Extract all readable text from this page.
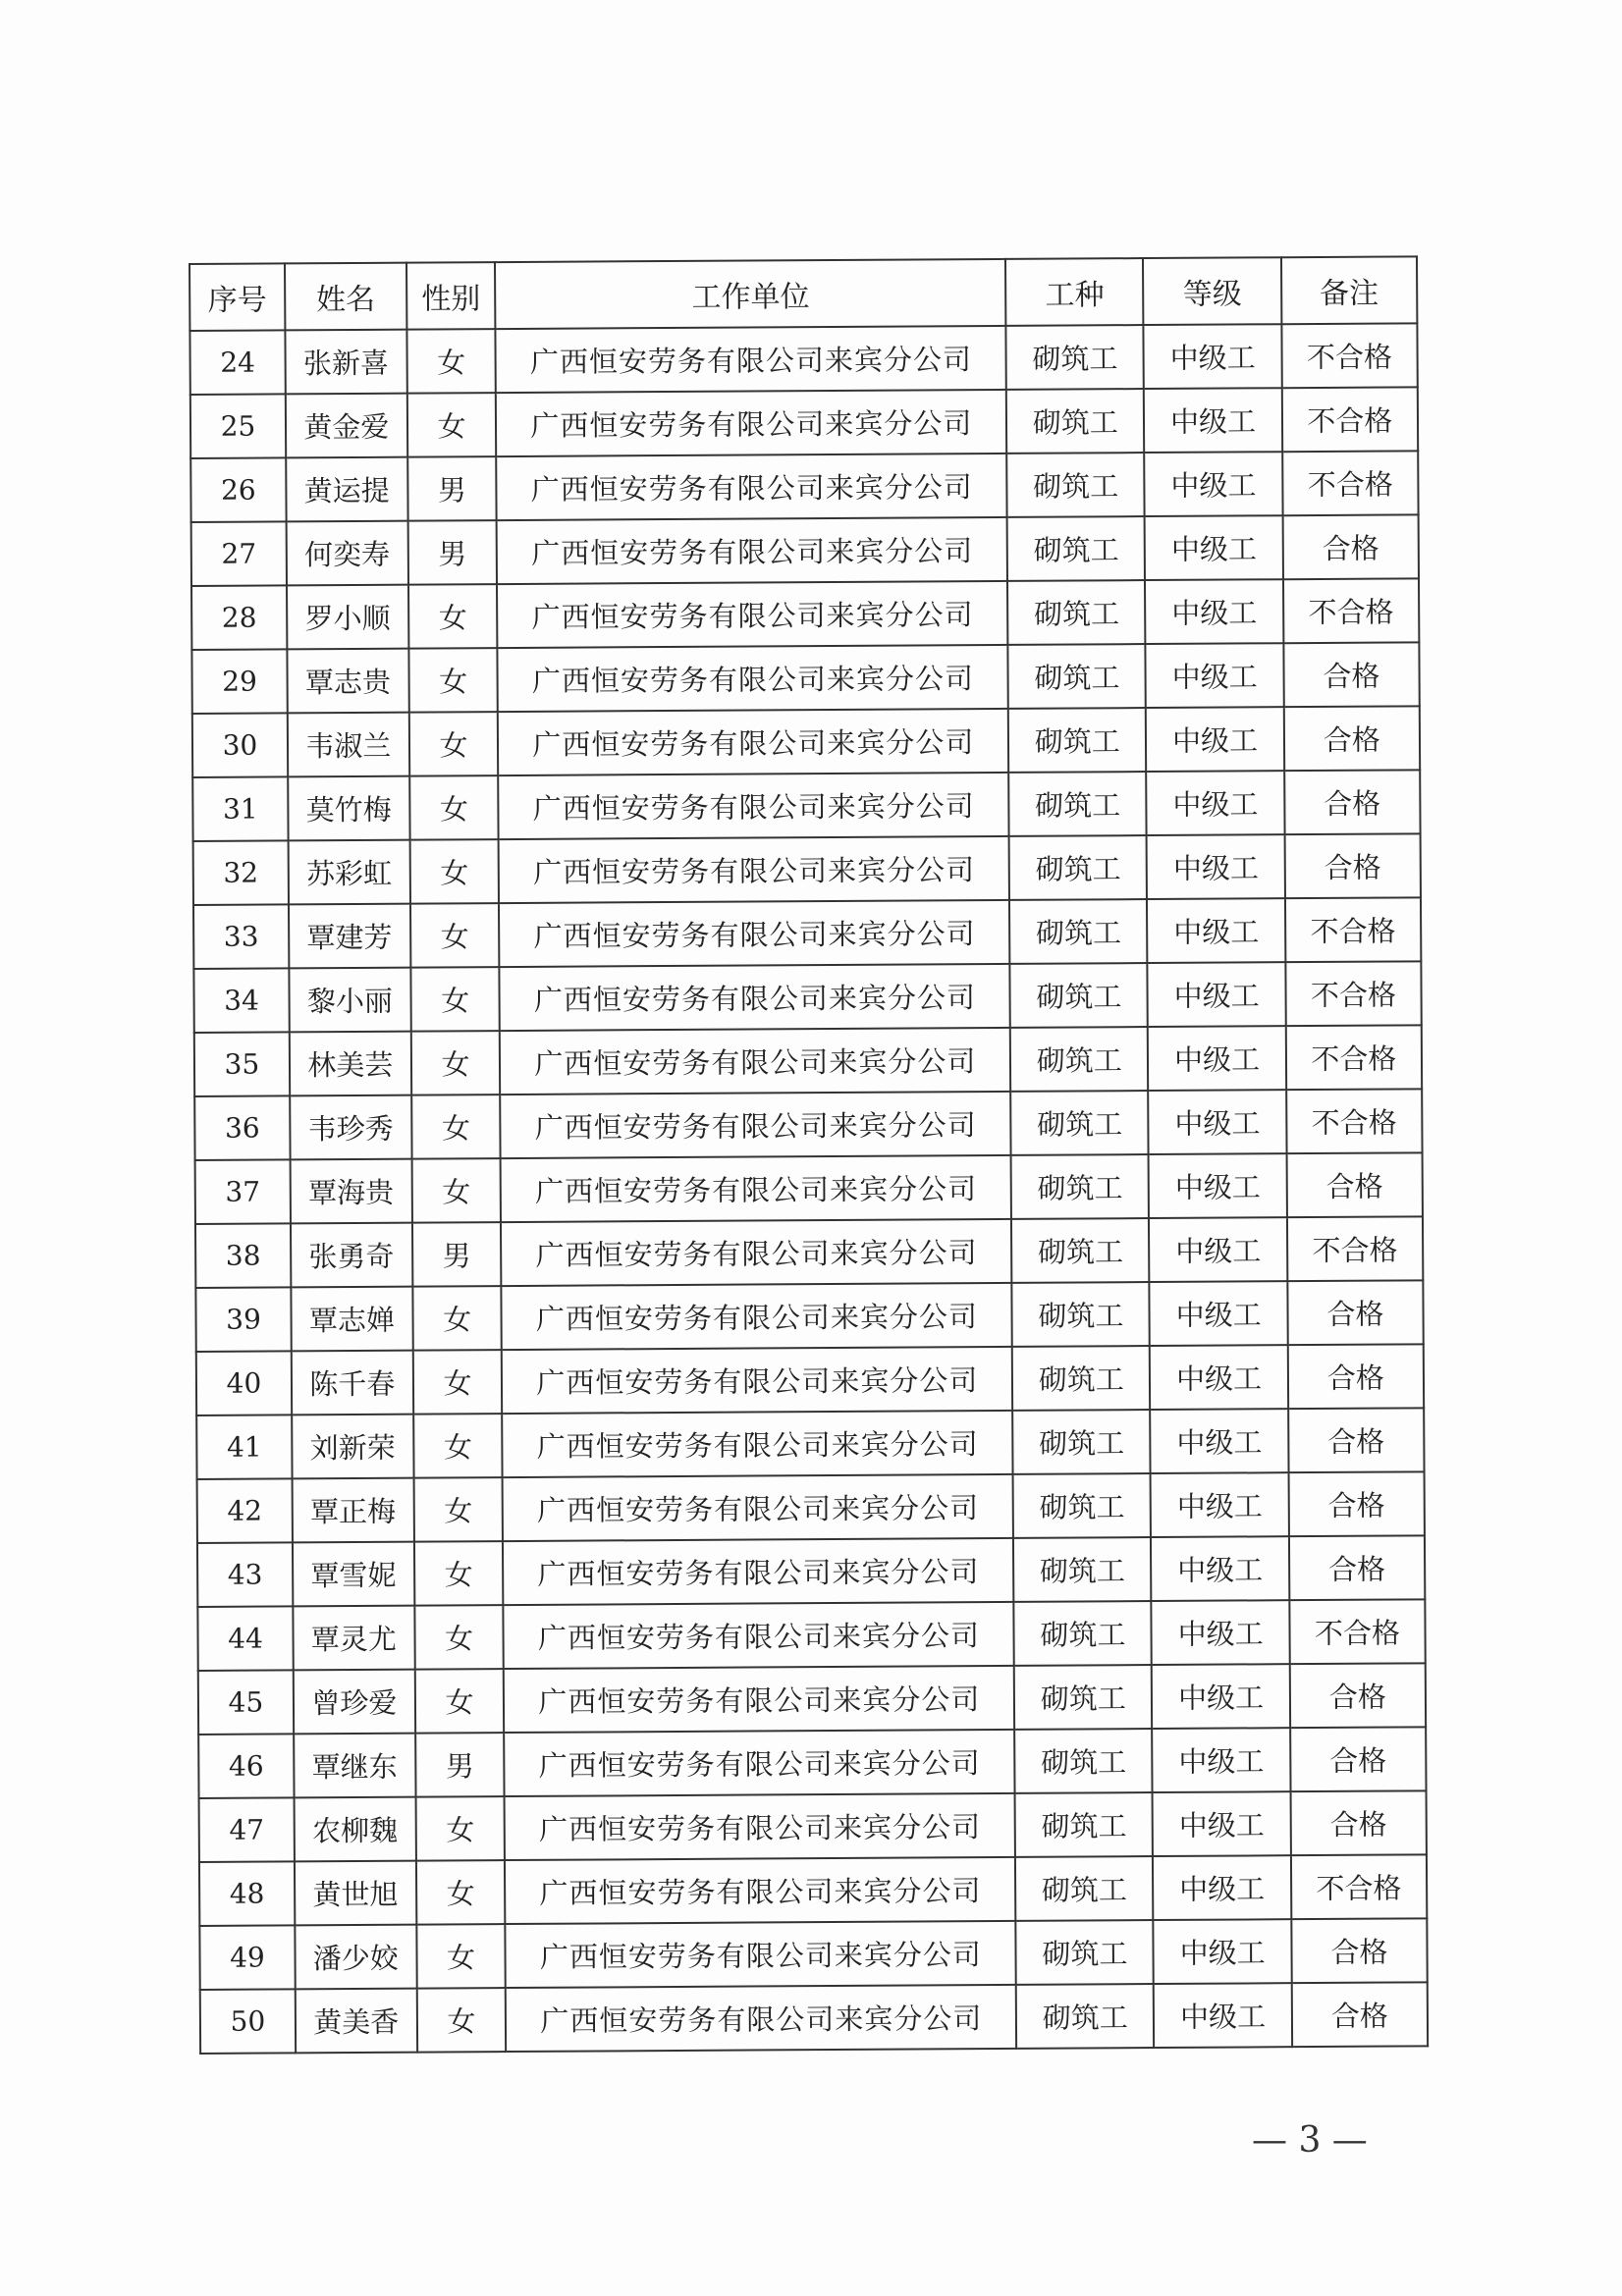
序号	姓名	性别	工作单位	工种	等级	备注
24	张新喜	女	广西恒安劳务有限公司来宾分公司	砌筑工	中级工	不合格
25	黄金爱	女	广西恒安劳务有限公司来宾分公司	砌筑工	中级工	不合格
26	黄运提	男	广西恒安劳务有限公司来宾分公司	砌筑工	中级工	不合格
27	何奕寿	男	广西恒安劳务有限公司来宾分公司	砌筑工	中级工	合格
28	罗小顺	女	广西恒安劳务有限公司来宾分公司	砌筑工	中级工	不合格
29	覃志贵	女	广西恒安劳务有限公司来宾分公司	砌筑工	中级工	合格
30	韦淑兰	女	广西恒安劳务有限公司来宾分公司	砌筑工	中级工	合格
31	莫竹梅	女	广西恒安劳务有限公司来宾分公司	砌筑工	中级工	合格
32	苏彩虹	女	广西恒安劳务有限公司来宾分公司	砌筑工	中级工	合格
33	覃建芳	女	广西恒安劳务有限公司来宾分公司	砌筑工	中级工	不合格
34	黎小丽	女	广西恒安劳务有限公司来宾分公司	砌筑工	中级工	不合格
35	林美芸	女	广西恒安劳务有限公司来宾分公司	砌筑工	中级工	不合格
36	韦珍秀	女	广西恒安劳务有限公司来宾分公司	砌筑工	中级工	不合格
37	覃海贵	女	广西恒安劳务有限公司来宾分公司	砌筑工	中级工	合格
38	张勇奇	男	广西恒安劳务有限公司来宾分公司	砌筑工	中级工	不合格
39	覃志婵	女	广西恒安劳务有限公司来宾分公司	砌筑工	中级工	合格
40	陈千春	女	广西恒安劳务有限公司来宾分公司	砌筑工	中级工	合格
41	刘新荣	女	广西恒安劳务有限公司来宾分公司	砌筑工	中级工	合格
42	覃正梅	女	广西恒安劳务有限公司来宾分公司	砌筑工	中级工	合格
43	覃雪妮	女	广西恒安劳务有限公司来宾分公司	砌筑工	中级工	合格
44	覃灵尤	女	广西恒安劳务有限公司来宾分公司	砌筑工	中级工	不合格
45	曾珍爱	女	广西恒安劳务有限公司来宾分公司	砌筑工	中级工	合格
46	覃继东	男	广西恒安劳务有限公司来宾分公司	砌筑工	中级工	合格
47	农柳魏	女	广西恒安劳务有限公司来宾分公司	砌筑工	中级工	合格
48	黄世旭	女	广西恒安劳务有限公司来宾分公司	砌筑工	中级工	不合格
49	潘少姣	女	广西恒安劳务有限公司来宾分公司	砌筑工	中级工	合格
50	黄美香	女	广西恒安劳务有限公司来宾分公司	砌筑工	中级工	合格
— 3 —
